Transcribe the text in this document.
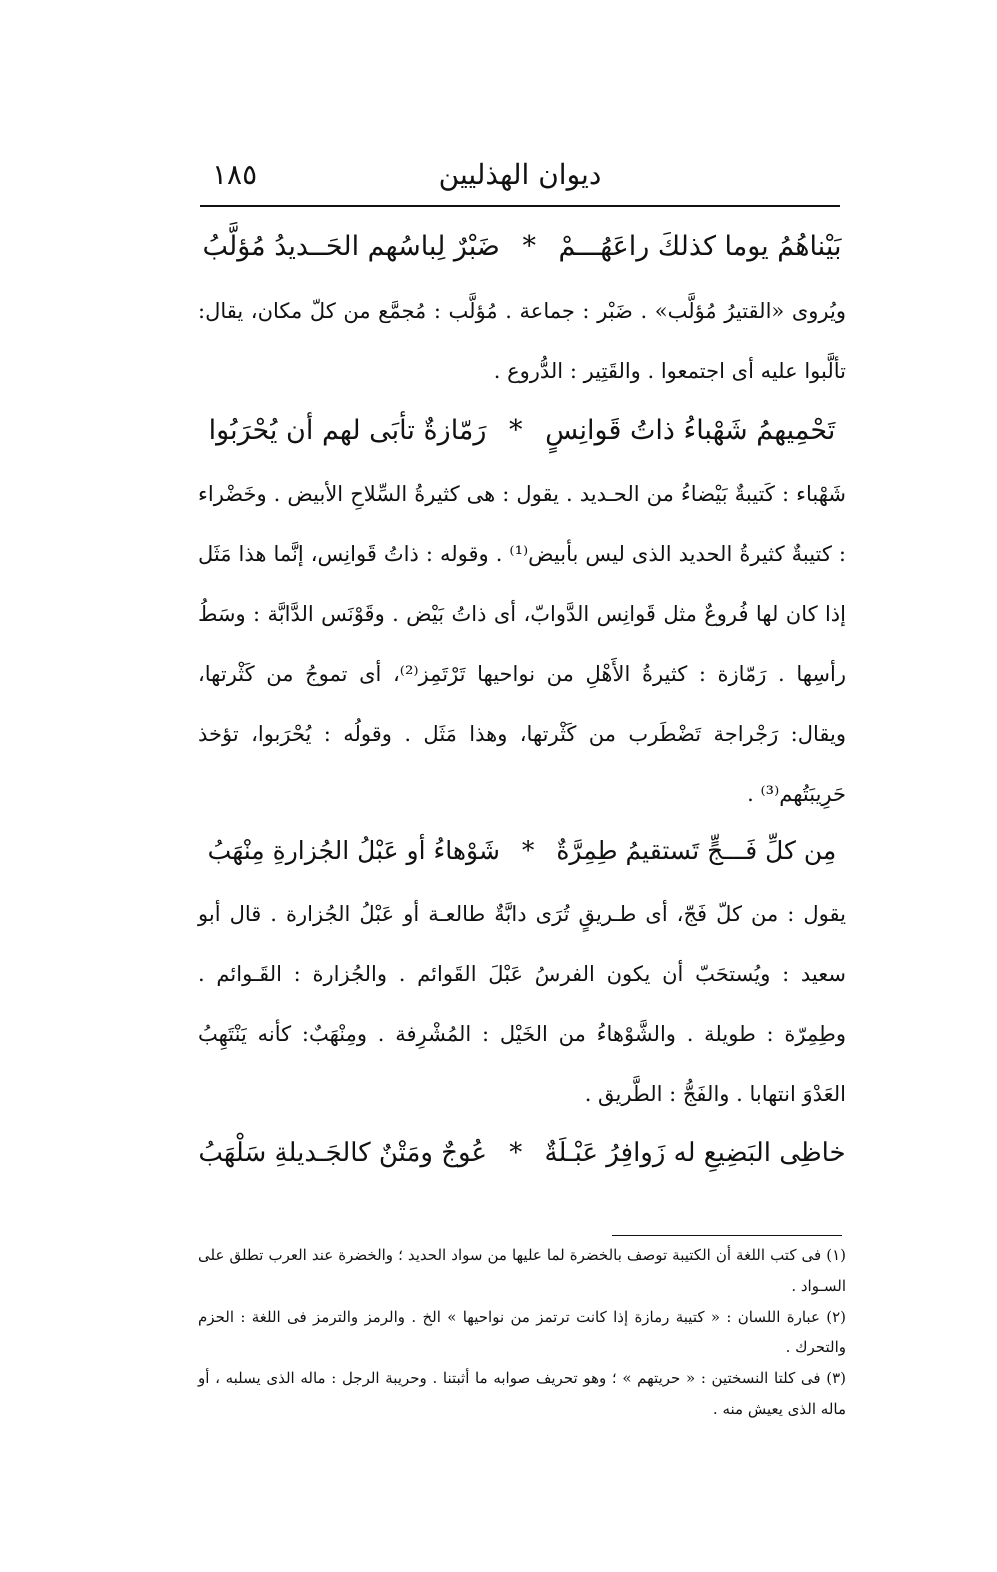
ديوان الهذليين
١٨٥
بَيْناهُمُ يوما كذلكَ راعَهُـــمْ * ضَبْرٌ لِباسُهم الحَــديدُ مُؤلَّبُ

ويُروى «القتيرُ مُؤلَّب» . ضَبْر : جماعة . مُؤلَّب : مُجمَّع من كلّ مكان، يقال: تألَّبوا عليه أى اجتمعوا . والقَتِير : الدُّروع .

تَحْمِيهمُ شَهْباءُ ذاتُ قَوانِسٍ * رَمّازةٌ تأبَى لهم أن يُحْرَبُوا

شَهْباء : كَتيبةٌ بَيْضاءُ من الحـديد . يقول : هى كثيرةُ السِّلاحِ الأبيض . وخَضْراء : كتيبةٌ كثيرةُ الحديد الذى ليس بأبيض⁽¹⁾ . وقوله : ذاتُ قَوانِس، إنَّما هذا مَثَل إذا كان لها فُروعٌ مثل قَوانِس الدَّوابّ، أى ذاتُ بَيْض . وقَوْنَس الدَّابَّة : وسَطُ رأسِها . رَمّازة : كثيرةُ الأَهْلِ من نواحيها تَرْتَمِز⁽²⁾، أى تموجُ من كَثْرتها، ويقال: رَجْراجة تَضْطَرب من كَثْرتها، وهذا مَثَل . وقولُه : يُحْرَبوا، تؤخذ حَرِيبَتُهم⁽³⁾ .

مِن كلِّ فَـــجٍّ تَستقيمُ طِمِرَّةٌ * شَوْهاءُ أو عَبْلُ الجُزارةِ مِنْهَبُ

يقول : من كلّ فَجّ، أى طـريقٍ تُرَى دابَّةٌ طالعـة أو عَبْلُ الجُزارة . قال أبو سعيد : ويُستحَبّ أن يكون الفرسُ عَبْلَ القَوائم . والجُزارة : القَـوائم . وطِمِرّة : طويلة . والشَّوْهاءُ من الخَيْل : المُشْرِفة . ومِنْهَبٌ: كأنه يَنْتَهِبُ العَدْوَ انتهابا . والفَجُّ : الطَّريق .

خاظِى البَضِيعِ له زَوافِرُ عَبْـلَةٌ * عُوجٌ ومَتْنٌ كالجَـديلةِ سَلْهَبُ
(١) فى كتب اللغة أن الكتيبة توصف بالخضرة لما عليها من سواد الحديد ؛ والخضرة عند العرب تطلق على السـواد .
(٢) عبارة اللسان : « كتيبة رمازة إذا كانت ترتمز من نواحيها » الخ . والرمز والترمز فى اللغة : الحزم والتحرك .
(٣) فى كلتا النسختين : « حريتهم » ؛ وهو تحريف صوابه ما أثبتنا . وحريبة الرجل : ماله الذى يسلبه ، أو ماله الذى يعيش منه .
